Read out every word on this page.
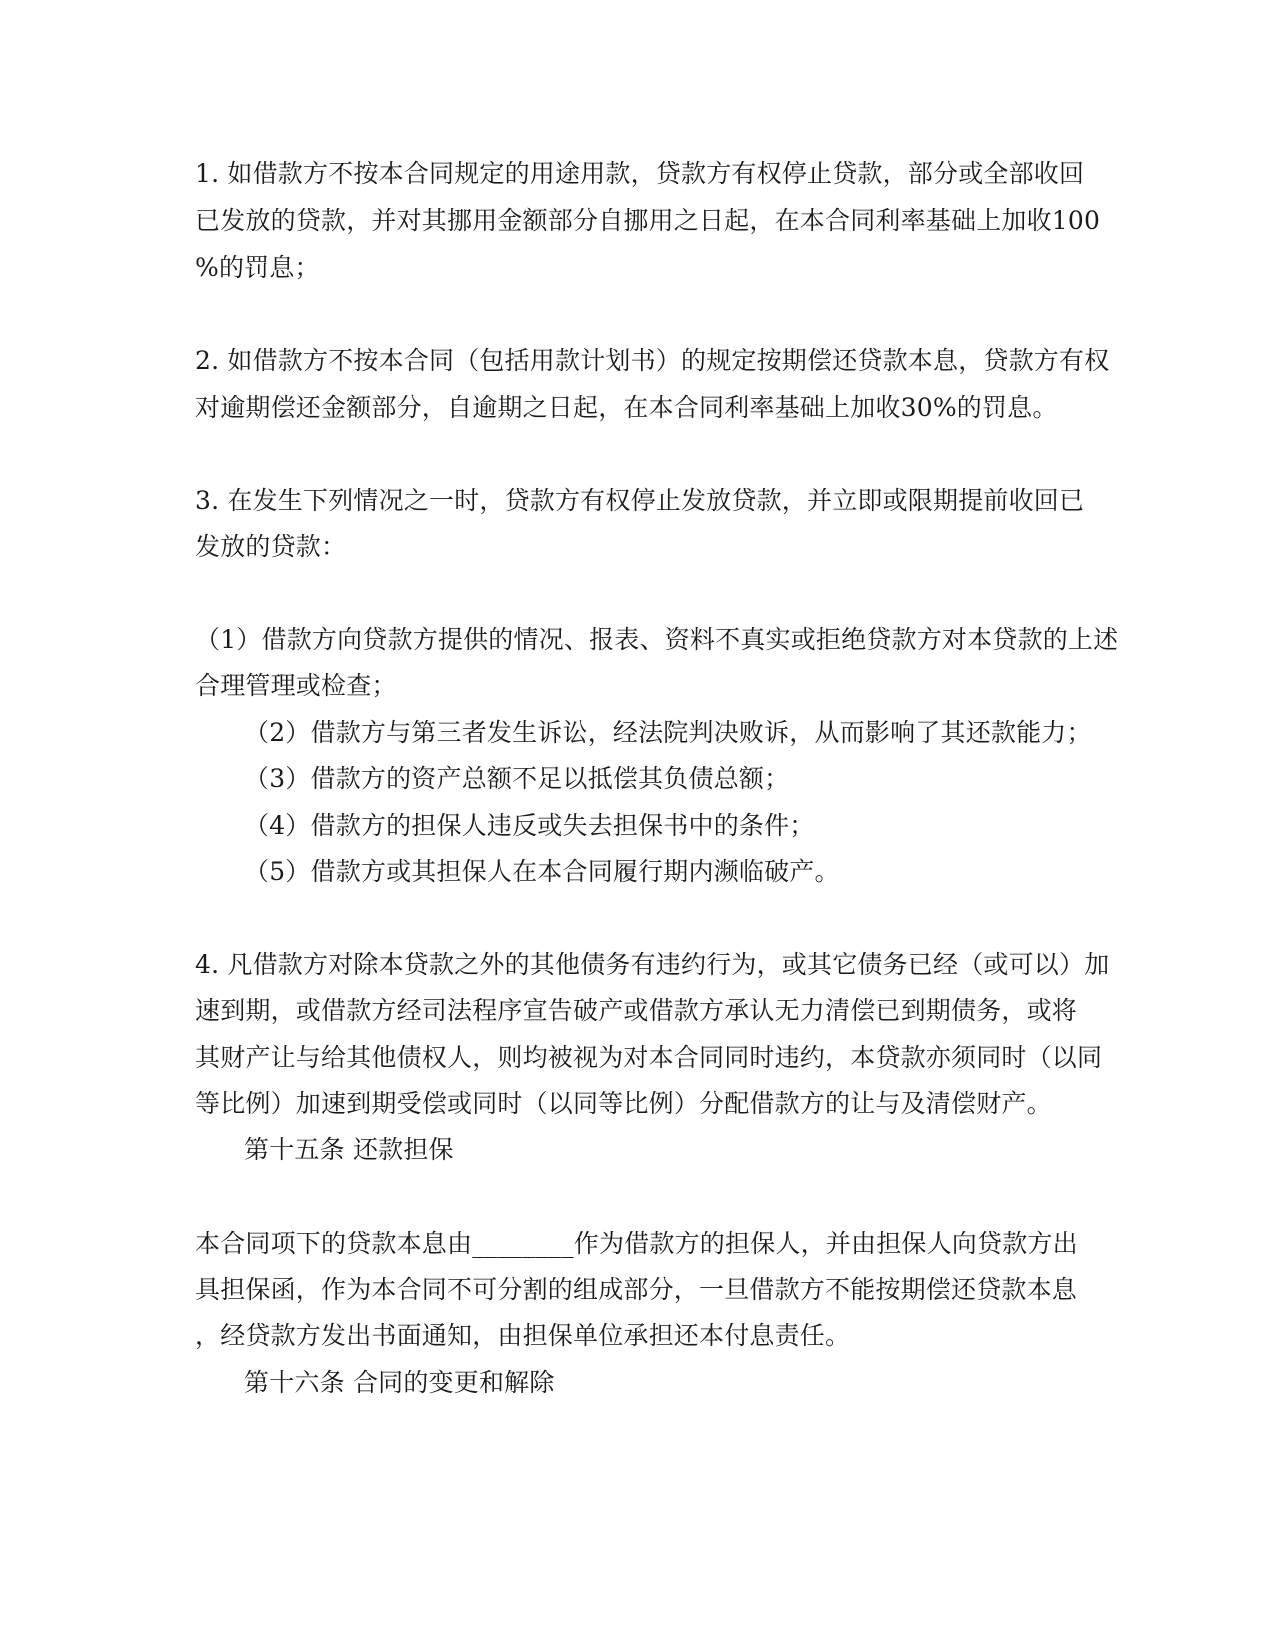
1. 如借款方不按本合同规定的用途用款，贷款方有权停止贷款，部分或全部收回
已发放的贷款，并对其挪用金额部分自挪用之日起，在本合同利率基础上加收100
%的罚息；
2. 如借款方不按本合同（包括用款计划书）的规定按期偿还贷款本息，贷款方有权
对逾期偿还金额部分，自逾期之日起，在本合同利率基础上加收30%的罚息。
3. 在发生下列情况之一时，贷款方有权停止发放贷款，并立即或限期提前收回已
发放的贷款：
（1）借款方向贷款方提供的情况、报表、资料不真实或拒绝贷款方对本贷款的上述
合理管理或检查；
（2）借款方与第三者发生诉讼，经法院判决败诉，从而影响了其还款能力；
（3）借款方的资产总额不足以抵偿其负债总额；
（4）借款方的担保人违反或失去担保书中的条件；
（5）借款方或其担保人在本合同履行期内濒临破产。
4. 凡借款方对除本贷款之外的其他债务有违约行为，或其它债务已经（或可以）加
速到期，或借款方经司法程序宣告破产或借款方承认无力清偿已到期债务，或将
其财产让与给其他债权人，则均被视为对本合同同时违约，本贷款亦须同时（以同
等比例）加速到期受偿或同时（以同等比例）分配借款方的让与及清偿财产。
第十五条 还款担保
本合同项下的贷款本息由________作为借款方的担保人，并由担保人向贷款方出
具担保函，作为本合同不可分割的组成部分，一旦借款方不能按期偿还贷款本息
，经贷款方发出书面通知，由担保单位承担还本付息责任。
第十六条 合同的变更和解除
